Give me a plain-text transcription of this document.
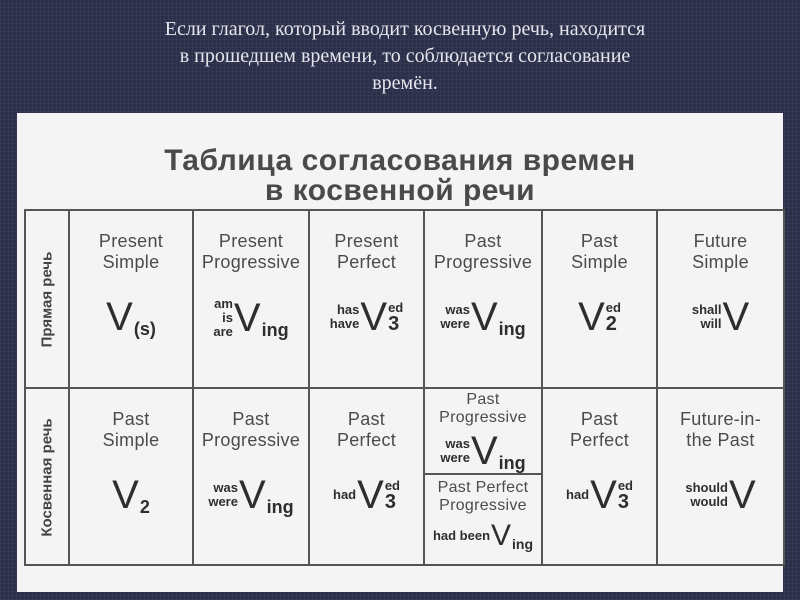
Если глагол, который вводит косвенную речь, находится
в прошедшем времени, то соблюдается согласование
времён.
Таблица согласования времен
в косвенной речи
Прямая речь
Косвенная речь
Present
Simple
V (s)
Present
Progressive
am
is
are V ing
Present
Perfect
has
have V ed
3
Past
Progressive
was
were V ing
Past
Simple
V ed
2
Future
Simple
shall
will V
Past
Simple
V 2
Past
Progressive
was
were V ing
Past
Perfect
had V ed
3
Past
Progressive
was
were V ing
Past Perfect
Progressive
had been V ing
Past
Perfect
had V ed
3
Future-in-
the Past
should
would V
